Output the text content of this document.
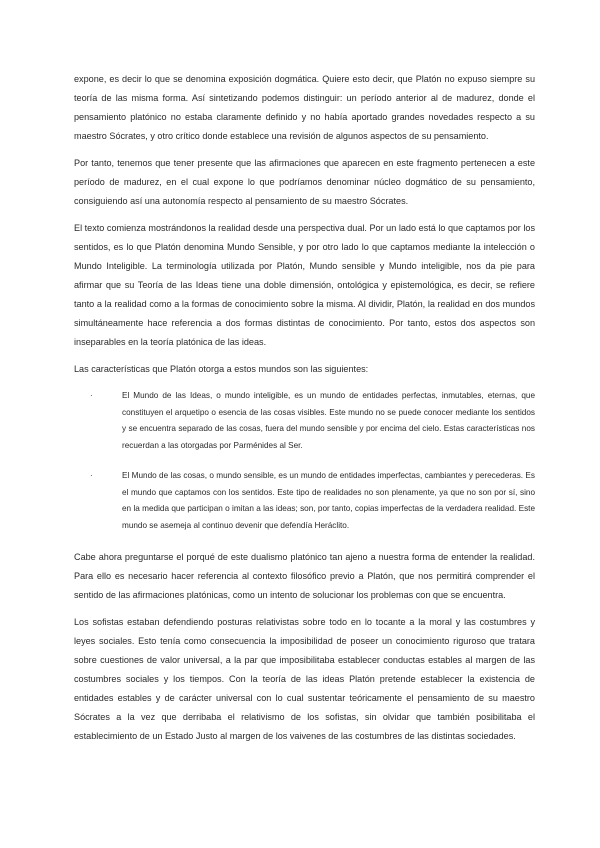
expone, es decir lo que se denomina exposición dogmática. Quiere esto decir, que Platón no expuso siempre su teoría de las misma forma. Así sintetizando podemos distinguir: un período anterior al de madurez, donde el pensamiento platónico no estaba claramente definido y no había aportado grandes novedades respecto a su maestro Sócrates, y otro crítico donde establece una revisión de algunos aspectos de su pensamiento.

Por tanto, tenemos que tener presente que las afirmaciones que aparecen en este fragmento pertenecen a este período de madurez, en el cual expone lo que podríamos denominar núcleo dogmático de su pensamiento, consiguiendo así una autonomía respecto al pensamiento de su maestro Sócrates.

El texto comienza mostrándonos la realidad desde una perspectiva dual. Por un lado está lo que captamos por los sentidos, es lo que Platón denomina Mundo Sensible, y por otro lado lo que captamos mediante la intelección o Mundo Inteligible. La terminología utilizada por Platón, Mundo sensible y Mundo inteligible, nos da pie para afirmar que su Teoría de las Ideas tiene una doble dimensión, ontológica y epistemológica, es decir, se refiere tanto a la realidad como a la formas de conocimiento sobre la misma. Al dividir, Platón, la realidad en dos mundos simultáneamente hace referencia a dos formas distintas de conocimiento. Por tanto, estos dos aspectos son inseparables en la teoría platónica de las ideas.

Las características que Platón otorga a estos mundos son las siguientes:

·	El Mundo de las Ideas, o mundo inteligible, es un mundo de entidades perfectas, inmutables, eternas, que constituyen el arquetipo o esencia de las cosas visibles. Este mundo no se puede conocer mediante los sentidos y se encuentra separado de las cosas, fuera del mundo sensible y por encima del cielo. Estas características nos recuerdan a las otorgadas por Parménides al Ser.
·	El Mundo de las cosas, o mundo sensible, es un mundo de entidades imperfectas, cambiantes y perecederas. Es el mundo que captamos con los sentidos. Este tipo de realidades no son plenamente, ya que no son por sí, sino en la medida que participan o imitan a las ideas; son, por tanto, copias imperfectas de la verdadera realidad. Este mundo se asemeja al continuo devenir que defendía Heráclito.

Cabe ahora preguntarse el porqué de este dualismo platónico tan ajeno a nuestra forma de entender la realidad. Para ello es necesario hacer referencia al contexto filosófico previo a Platón, que nos permitirá comprender el sentido de las afirmaciones platónicas, como un intento de solucionar los problemas con que se encuentra.

Los sofistas estaban defendiendo posturas relativistas sobre todo en lo tocante a la moral y las costumbres y leyes sociales. Esto tenía como consecuencia la imposibilidad de poseer un conocimiento riguroso que tratara sobre cuestiones de valor universal, a la par que imposibilitaba establecer conductas estables al margen de las costumbres sociales y los tiempos. Con la teoría de las ideas Platón pretende establecer la existencia de entidades estables y de carácter universal con lo cual sustentar teóricamente el pensamiento de su maestro Sócrates a la vez que derribaba el relativismo de los sofistas, sin olvidar que también posibilitaba el establecimiento de un Estado Justo al margen de los vaivenes de las costumbres de las distintas sociedades.
